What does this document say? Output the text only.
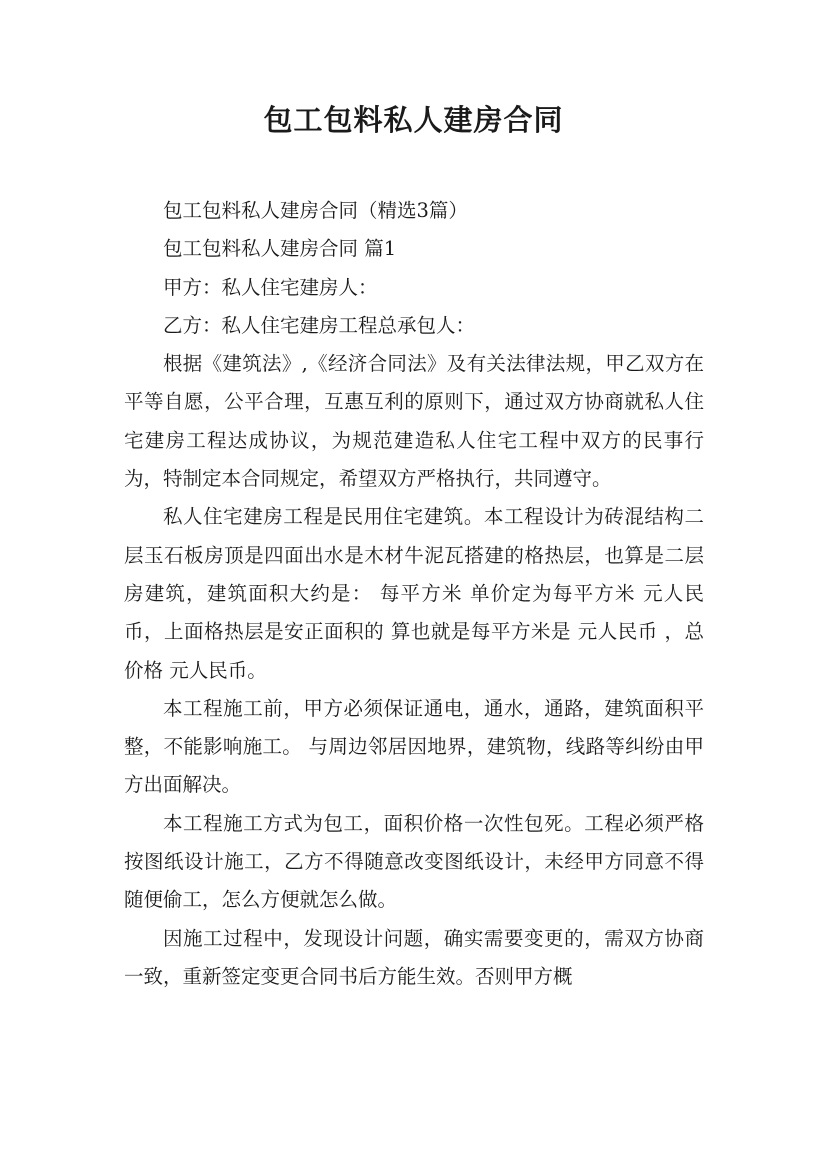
包工包料私人建房合同

包工包料私人建房合同（精选3篇）

包工包料私人建房合同 篇1

甲方：私人住宅建房人：

乙方：私人住宅建房工程总承包人：

根据《建筑法》,《经济合同法》及有关法律法规，甲乙双方在平等自愿，公平合理，互惠互利的原则下，通过双方协商就私人住宅建房工程达成协议，为规范建造私人住宅工程中双方的民事行为，特制定本合同规定，希望双方严格执行，共同遵守。

私人住宅建房工程是民用住宅建筑。本工程设计为砖混结构二层玉石板房顶是四面出水是木材牛泥瓦搭建的格热层，也算是二层房建筑，建筑面积大约是： 每平方米 单价定为每平方米 元人民币，上面格热层是安正面积的 算也就是每平方米是 元人民币 ，总价格 元人民币。

本工程施工前，甲方必须保证通电，通水，通路，建筑面积平整，不能影响施工。 与周边邻居因地界，建筑物，线路等纠纷由甲方出面解决。

本工程施工方式为包工，面积价格一次性包死。工程必须严格按图纸设计施工，乙方不得随意改变图纸设计，未经甲方同意不得随便偷工，怎么方便就怎么做。

因施工过程中，发现设计问题，确实需要变更的，需双方协商一致，重新签定变更合同书后方能生效。否则甲方概
